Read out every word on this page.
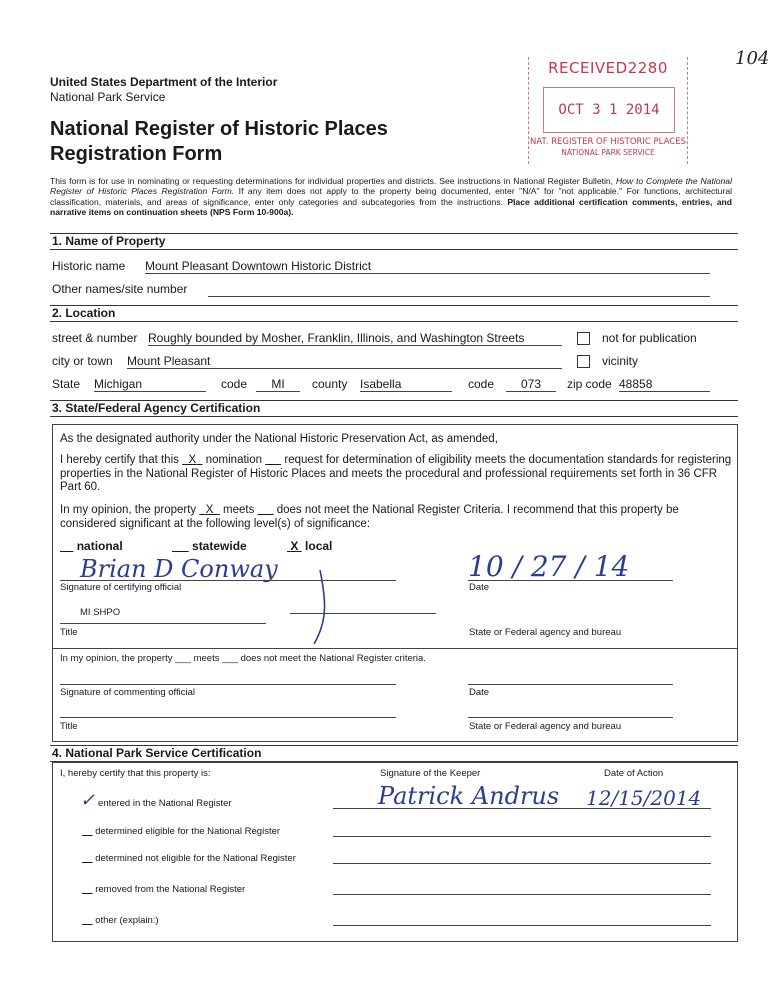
104
United States Department of the Interior
National Park Service
National Register of Historic Places
Registration Form
RECEIVED2280
OCT 3 1 2014
NAT. REGISTER OF HISTORIC PLACES
NATIONAL PARK SERVICE
This form is for use in nominating or requesting determinations for individual properties and districts. See instructions in National Register Bulletin, How to Complete the National Register of Historic Places Registration Form. If any item does not apply to the property being documented, enter "N/A" for "not applicable." For functions, architectural classification, materials, and areas of significance, enter only categories and subcategories from the instructions. Place additional certification comments, entries, and narrative items on continuation sheets (NPS Form 10-900a).
1. Name of Property
Historic name Mount Pleasant Downtown Historic District
Other names/site number
2. Location
street & number Roughly bounded by Mosher, Franklin, Illinois, and Washington Streets	not for publication
city or town Mount Pleasant	vicinity
State Michigan	code	MI	county Isabella	code	073	zip code 48858
3. State/Federal Agency Certification
As the designated authority under the National Historic Preservation Act, as amended,
I hereby certify that this   X   nomination       request for determination of eligibility meets the documentation standards for registering properties in the National Register of Historic Places and meets the procedural and professional requirements set forth in 36 CFR Part 60.
In my opinion, the property   X   meets       does not meet the National Register Criteria. I recommend that this property be considered significant at the following level(s) of significance:
national	statewide	X local
Brian D Conway	10 / 27 / 14
Signature of certifying official	Date
MI SHPO
Title	State or Federal agency and bureau
In my opinion, the property ___ meets ___ does not meet the National Register criteria.
Signature of commenting official	Date
Title	State or Federal agency and bureau
4. National Park Service Certification
I, hereby certify that this property is:	Signature of the Keeper	Date of Action
✓ entered in the National Register	Patrick Andrus 12/15/2014
determined eligible for the National Register
determined not eligible for the National Register
removed from the National Register
other (explain:)
